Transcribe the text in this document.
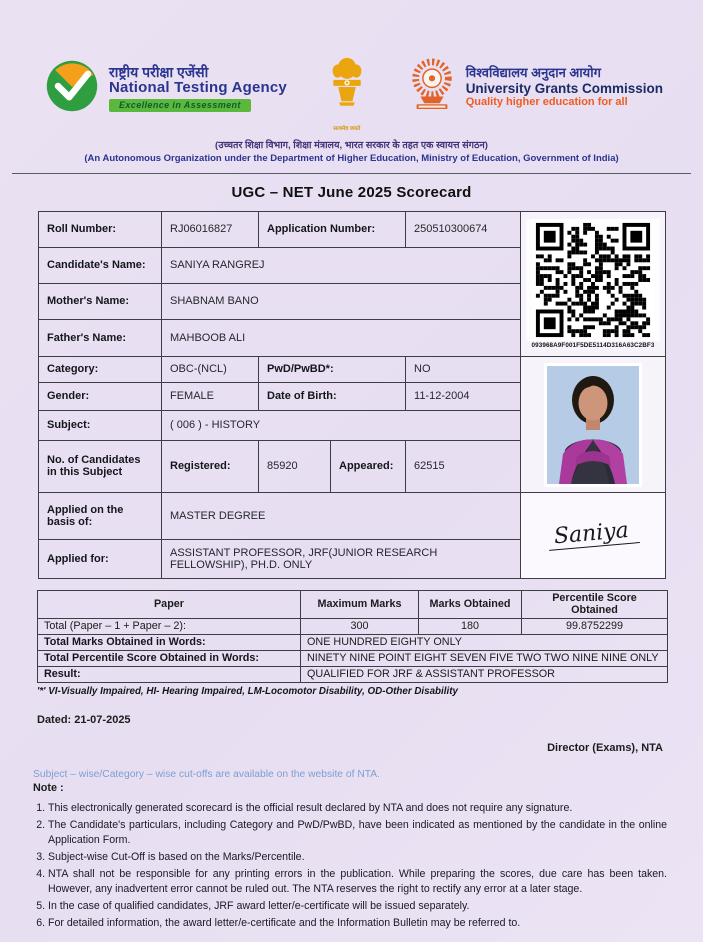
राष्ट्रीय परीक्षा एजेंसी
National Testing Agency
Excellence in Assessment
सत्यमेव जयते
विश्वविद्यालय अनुदान आयोग
University Grants Commission
Quality higher education for all
(उच्चतर शिक्षा विभाग, शिक्षा मंत्रालय, भारत सरकार के तहत एक स्वायत्त संगठन)
(An Autonomous Organization under the Department of Higher Education, Ministry of Education, Government of India)
UGC – NET June 2025 Scorecard
Roll Number:	RJ06016827	Application Number:		250510300674	093968A9F001F5DE5114D316A63C2BF3

Candidate's Name:	SANIYA RANGREJ				
Mother's Name:	SHABNAM BANO				
Father's Name:	MAHBOOB ALI				
Category:	OBC-(NCL)	PwD/PwBD*:		NO	

Gender:	FEMALE	Date of Birth:		11-12-2004	
Subject:	( 006 ) - HISTORY				
No. of Candidates in this Subject	Registered:	85920	Appeared:	62515	
Applied on the basis of:	MASTER DEGREE				Saniya
Applied for:	ASSISTANT PROFESSOR, JRF(JUNIOR RESEARCH FELLOWSHIP), PH.D. ONLY				
Paper	Maximum Marks	Marks Obtained	Percentile Score Obtained
Total (Paper – 1 + Paper – 2):	300	180	99.8752299
Total Marks Obtained in Words:	ONE HUNDRED EIGHTY ONLY		
Total Percentile Score Obtained in Words:	NINETY NINE POINT EIGHT SEVEN FIVE TWO TWO NINE NINE ONLY		
Result:	QUALIFIED FOR JRF & ASSISTANT PROFESSOR		
'*' VI-Visually Impaired, HI- Hearing Impaired, LM-Locomotor Disability, OD-Other Disability
Dated: 21-07-2025
Director (Exams), NTA
Subject – wise/Category – wise cut-offs are available on the website of NTA.
Note :
1. This electronically generated scorecard is the official result declared by NTA and does not require any signature.
2. The Candidate's particulars, including Category and PwD/PwBD, have been indicated as mentioned by the candidate in the online Application Form.
3. Subject-wise Cut-Off is based on the Marks/Percentile.
4. NTA shall not be responsible for any printing errors in the publication. While preparing the scores, due care has been taken. However, any inadvertent error cannot be ruled out. The NTA reserves the right to rectify any error at a later stage.
5. In the case of qualified candidates, JRF award letter/e-certificate will be issued separately.
6. For detailed information, the award letter/e-certificate and the Information Bulletin may be referred to.
